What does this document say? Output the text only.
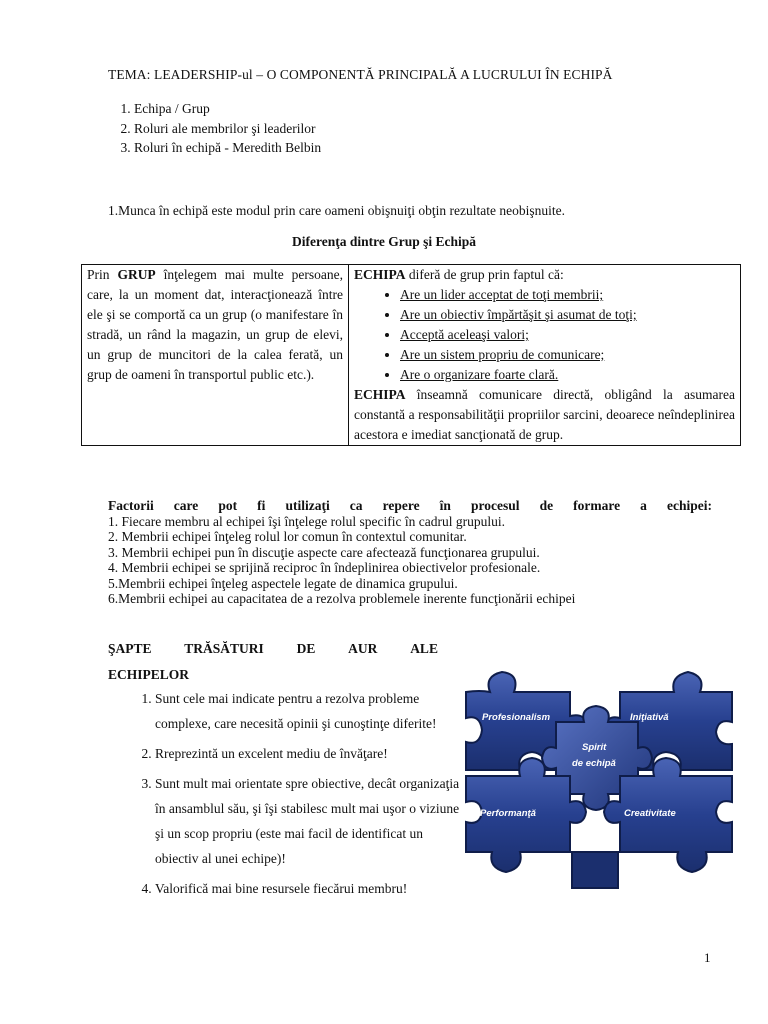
TEMA: LEADERSHIP-ul – O COMPONENTĂ PRINCIPALĂ A LUCRULUI ÎN ECHIPĂ
1. Echipa / Grup
2. Roluri ale membrilor şi leaderilor
3. Roluri în echipă - Meredith Belbin
1.Munca în echipă este modul prin care oameni obişnuiţi obţin rezultate neobişnuite.
Diferenţa dintre Grup şi Echipă

Prin GRUP înţelegem mai multe persoane, care, la un moment dat, interacţionează între ele şi se comportă ca un grup (o manifestare în stradă, un rând la magazin, un grup de elevi, un grup de muncitori de la calea ferată, un grup de oameni în transportul public etc.).

ECHIPA diferă de grup prin faptul că:
• Are un lider acceptat de toţi membrii;
• Are un obiectiv împărtăşit şi asumat de toţi;
• Acceptă aceleaşi valori;
• Are un sistem propriu de comunicare;
• Are o organizare foarte clară.
ECHIPA înseamnă comunicare directă, obligând la asumarea constantă a responsabilităţii propriilor sarcini, deoarece neîndeplinirea acestora e imediat sancţionată de grup.
Factorii care pot fi utilizaţi ca repere în procesul de formare a echipei:
1. Fiecare membru al echipei îşi înţelege rolul specific în cadrul grupului.
2. Membrii echipei înţeleg rolul lor comun în contextul comunitar.
3. Membrii echipei pun în discuţie aspecte care afectează funcţionarea grupului.
4. Membrii echipei se sprijină reciproc în îndeplinirea obiectivelor profesionale.
5.Membrii echipei înţeleg aspectele legate de dinamica grupului.
6.Membrii echipei au capacitatea de a rezolva problemele inerente funcţionării echipei
ŞAPTE TRĂSĂTURI DE AUR ALE
ECHIPELOR
1. Sunt cele mai indicate pentru a rezolva probleme complexe, care necesită opinii şi cunoştinţe diferite!
2. Rreprezintă un excelent mediu de învăţare!
3. Sunt mult mai orientate spre obiective, decât organizaţia în ansamblul său, şi îşi stabilesc mult mai uşor o viziune şi un scop propriu (este mai facil de identificat un obiectiv al unei echipe)!
4. Valorifică mai bine resursele fiecărui membru!
Profesionalism	Iniţiativă
Spirit
de echipă
Performanţă	Creativitate
1
